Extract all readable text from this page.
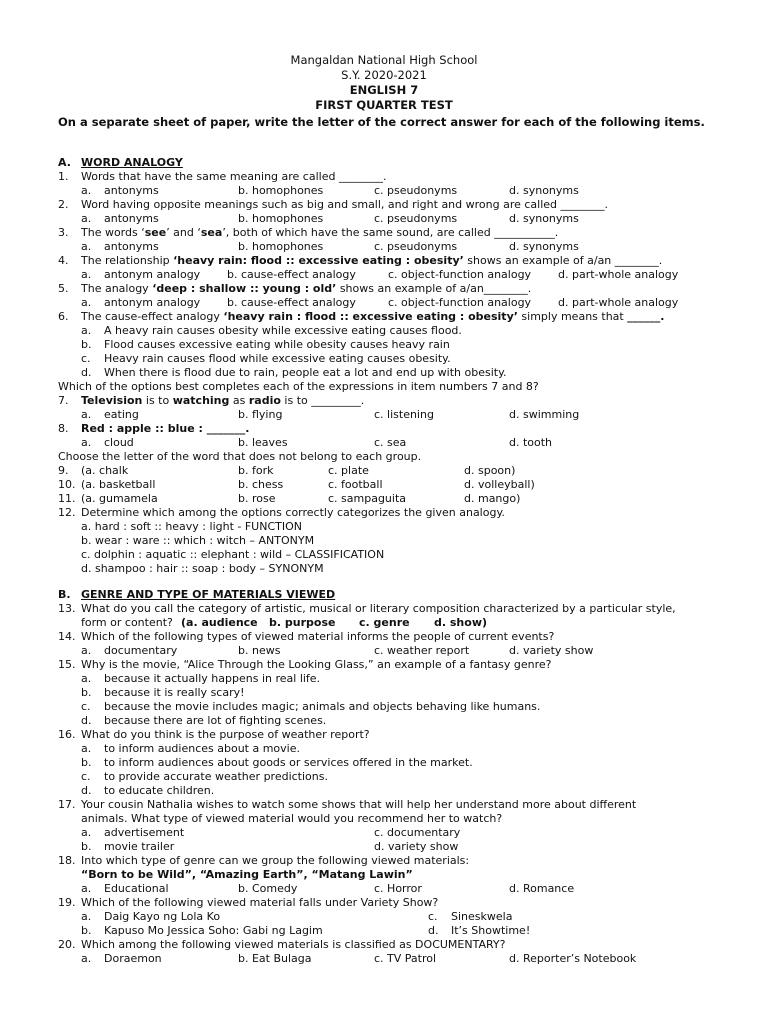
Mangaldan National High School
S.Y. 2020-2021
ENGLISH 7
FIRST QUARTER TEST
On a separate sheet of paper, write the letter of the correct answer for each of the following items.
A. WORD ANALOGY
1. Words that have the same meaning are called ________.
a. antonyms	b. homophones	c. pseudonyms	d. synonyms
2. Word having opposite meanings such as big and small, and right and wrong are called ________.
a. antonyms	b. homophones	c. pseudonyms	d. synonyms
3. The words ‘see’ and ‘sea’, both of which have the same sound, are called ___________.
a. antonyms	b. homophones	c. pseudonyms	d. synonyms
4. The relationship ‘heavy rain: flood :: excessive eating : obesity’ shows an example of a/an ________.
a. antonym analogy b. cause-effect analogy	c. object-function analogy d. part-whole analogy
5. The analogy ‘deep : shallow :: young : old’ shows an example of a/an________.
a. antonym analogy b. cause-effect analogy	c. object-function analogy d. part-whole analogy
6. The cause-effect analogy ‘heavy rain : flood :: excessive eating : obesity’ simply means that ______.
a. A heavy rain causes obesity while excessive eating causes flood.
b. Flood causes excessive eating while obesity causes heavy rain
c. Heavy rain causes flood while excessive eating causes obesity.
d. When there is flood due to rain, people eat a lot and end up with obesity.
Which of the options best completes each of the expressions in item numbers 7 and 8?
7. Television is to watching as radio is to _________.
a. eating	b. flying	c. listening	d. swimming
8. Red : apple :: blue : _______.
a. cloud	b. leaves	c. sea	d. tooth
Choose the letter of the word that does not belong to each group.
9. (a. chalk	b. fork	c. plate	d. spoon)
10. (a. basketball	b. chess	c. football	d. volleyball)
11. (a. gumamela	b. rose	c. sampaguita	d. mango)
12. Determine which among the options correctly categorizes the given analogy.
a. hard : soft :: heavy : light - FUNCTION
b. wear : ware :: which : witch – ANTONYM
c. dolphin : aquatic :: elephant : wild – CLASSIFICATION
d. shampoo : hair :: soap : body – SYNONYM
B. GENRE AND TYPE OF MATERIALS VIEWED
13. What do you call the category of artistic, musical or literary composition characterized by a particular style,
form or content? (a. audience b. purpose c. genre d. show)
14. Which of the following types of viewed material informs the people of current events?
a. documentary	b. news	c. weather report	d. variety show
15. Why is the movie, “Alice Through the Looking Glass,” an example of a fantasy genre?
a. because it actually happens in real life.
b. because it is really scary!
c. because the movie includes magic; animals and objects behaving like humans.
d. because there are lot of fighting scenes.
16. What do you think is the purpose of weather report?
a. to inform audiences about a movie.
b. to inform audiences about goods or services offered in the market.
c. to provide accurate weather predictions.
d. to educate children.
17. Your cousin Nathalia wishes to watch some shows that will help her understand more about different
animals. What type of viewed material would you recommend her to watch?
a. advertisement	c. documentary
b. movie trailer	d. variety show
18. Into which type of genre can we group the following viewed materials:
“Born to be Wild”, “Amazing Earth”, “Matang Lawin”
a. Educational	b. Comedy	c. Horror	d. Romance
19. Which of the following viewed material falls under Variety Show?
a. Daig Kayo ng Lola Ko	c. Sineskwela
b. Kapuso Mo Jessica Soho: Gabi ng Lagim	d. It’s Showtime!
20. Which among the following viewed materials is classified as DOCUMENTARY?
a. Doraemon	b. Eat Bulaga	c. TV Patrol	d. Reporter’s Notebook
